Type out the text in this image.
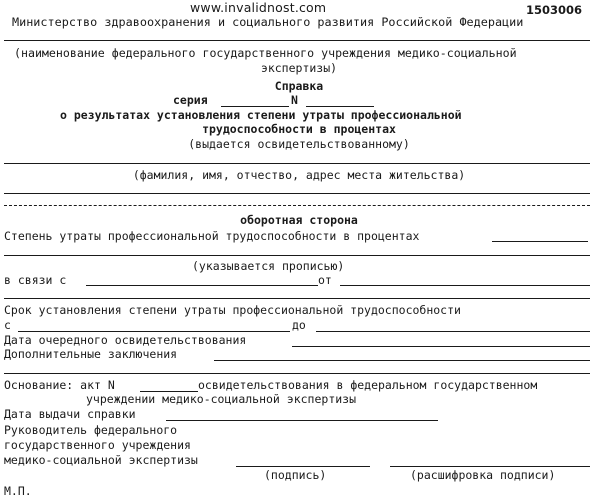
www.invalidnost.com	1503006
Министерство здравоохранения и социального развития Российской Федерации
(наименование федерального государственного учреждения медико-социальной
экспертизы)
Справка
серия	N
о результатах установления степени утраты профессиональной
трудоспособности в процентах
(выдается освидетельствованному)
(фамилия, имя, отчество, адрес места жительства)
оборотная сторона
Степень утраты профессиональной трудоспособности в процентах
(указывается прописью)
в связи с	от
Срок установления степени утраты профессиональной трудоспособности
с	до
Дата очередного освидетельствования
Дополнительные заключения
Основание: акт N	освидетельствования в федеральном государственном
учреждении медико-социальной экспертизы
Дата выдачи справки
Руководитель федерального
государственного учреждения
медико-социальной экспертизы
(подпись)	(расшифровка подписи)
М.П.
